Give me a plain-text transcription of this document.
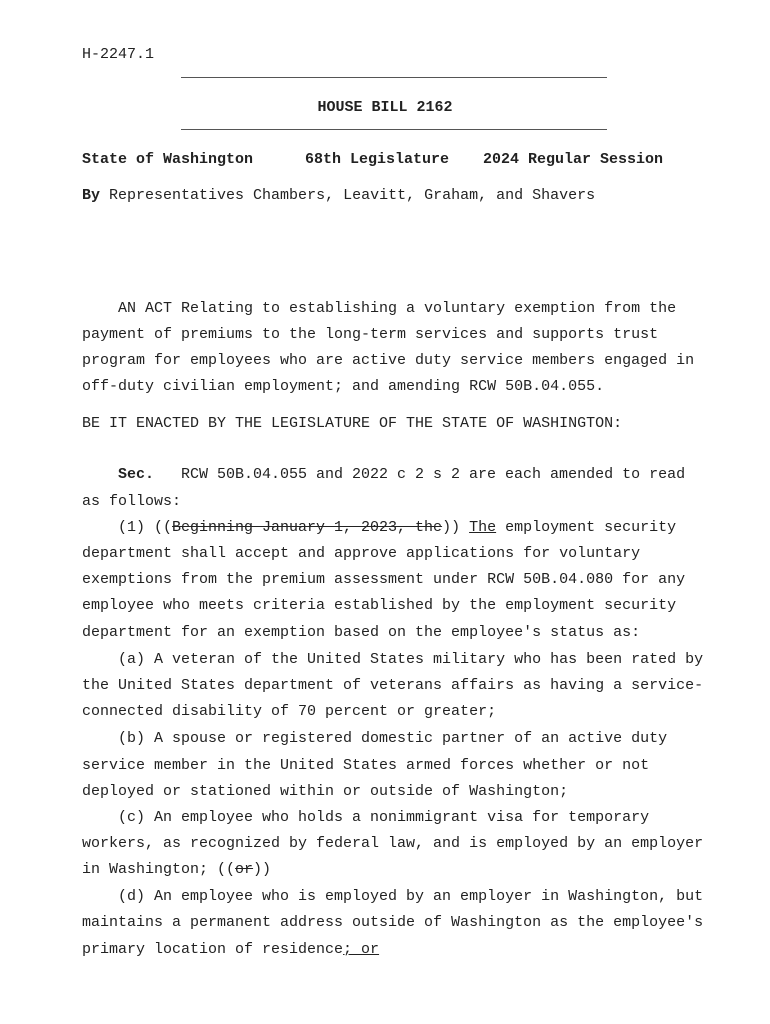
H-2247.1
HOUSE BILL 2162
State of Washington	68th Legislature 2024 Regular Session
By Representatives Chambers, Leavitt, Graham, and Shavers
AN ACT Relating to establishing a voluntary exemption from the
payment of premiums to the long-term services and supports trust
program for employees who are active duty service members engaged in
off-duty civilian employment; and amending RCW 50B.04.055.
BE IT ENACTED BY THE LEGISLATURE OF THE STATE OF WASHINGTON:
Sec. RCW 50B.04.055 and 2022 c 2 s 2 are each amended to read
as follows:
(1) ((Beginning January 1, 2023, the)) The employment security
department shall accept and approve applications for voluntary
exemptions from the premium assessment under RCW 50B.04.080 for any
employee who meets criteria established by the employment security
department for an exemption based on the employee's status as:
(a) A veteran of the United States military who has been rated by
the United States department of veterans affairs as having a service-
connected disability of 70 percent or greater;
(b) A spouse or registered domestic partner of an active duty
service member in the United States armed forces whether or not
deployed or stationed within or outside of Washington;
(c) An employee who holds a nonimmigrant visa for temporary
workers, as recognized by federal law, and is employed by an employer
in Washington; ((or))
(d) An employee who is employed by an employer in Washington, but
maintains a permanent address outside of Washington as the employee's
primary location of residence; or
